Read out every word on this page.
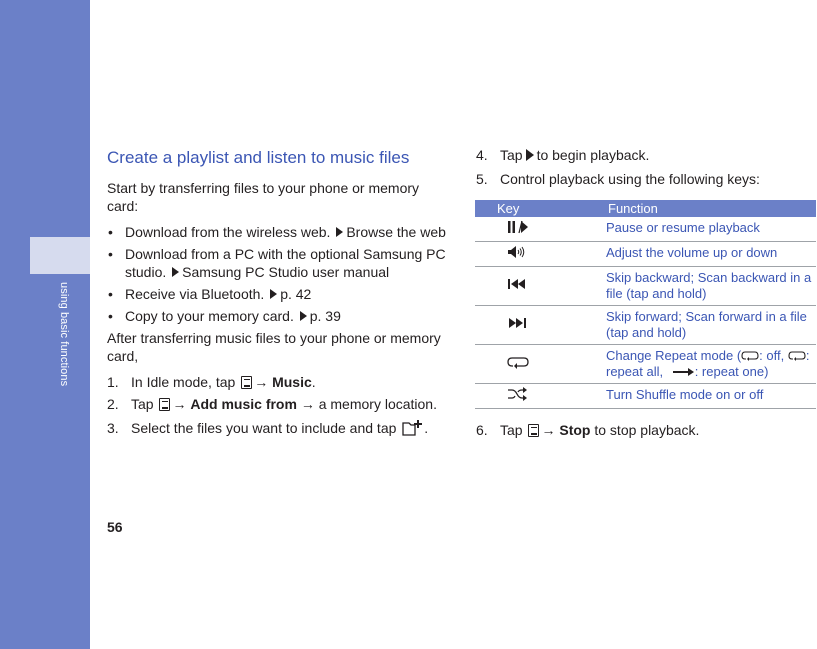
using basic functions
Create a playlist and listen to music files

Start by transferring files to your phone or memory card:

• Download from the wireless web. Browse the web
• Download from a PC with the optional Samsung PC studio. Samsung PC Studio user manual
• Receive via Bluetooth. p. 42
• Copy to your memory card. p. 39

After transferring music files to your phone or memory card,

1. In Idle mode, tap → Music.
2. Tap → Add music from → a memory location.
3. Select the files you want to include and tap .
4. Tap to begin playback.
5. Control playback using the following keys:
Key	Function
	Pause or resume playback
	Adjust the volume up or down
	Skip backward; Scan backward in a file (tap and hold)
	Skip forward; Scan forward in a file (tap and hold)
	Change Repeat mode ( : off, : repeat all, : repeat one)
	Turn Shuffle mode on or off
6. Tap → Stop to stop playback.
56
